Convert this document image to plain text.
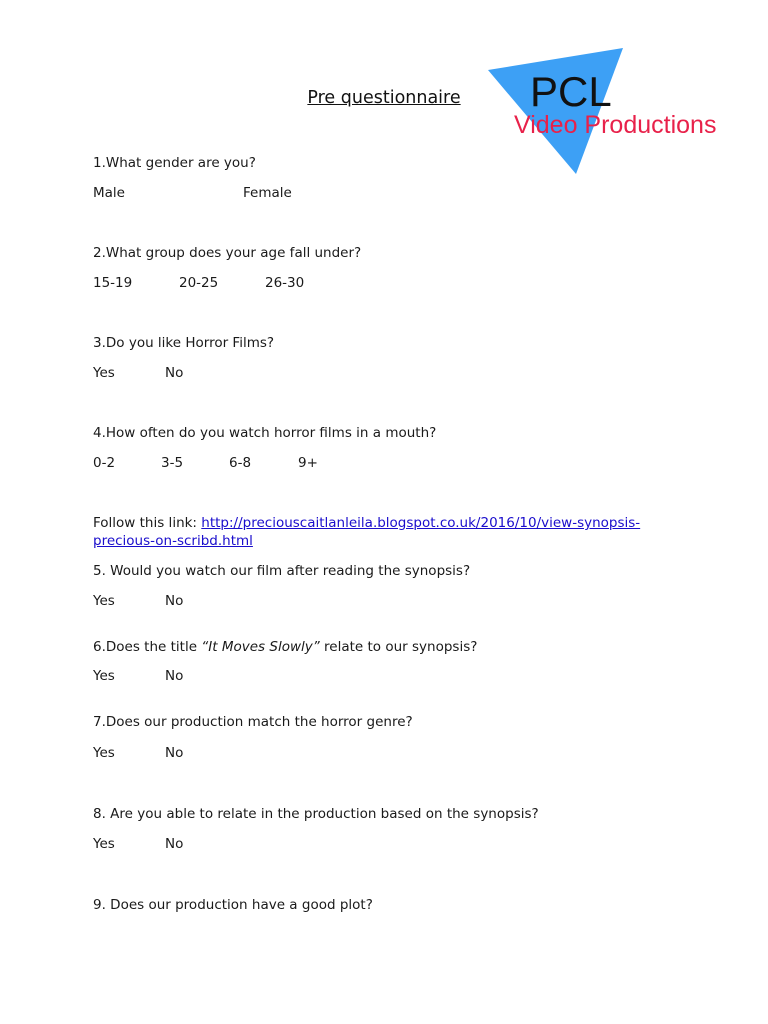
Pre questionnaire	PCL
Video Productions
1.What gender are you?
Male	Female
2.What group does your age fall under?
15-19	20-25	26-30
3.Do you like Horror Films?
Yes	No
4.How often do you watch horror films in a mouth?
0-2	3-5	6-8	9+
Follow this link: http://preciouscaitlanleila.blogspot.co.uk/2016/10/view-synopsis-
precious-on-scribd.html
5. Would you watch our film after reading the synopsis?
Yes	No
6.Does the title “It Moves Slowly” relate to our synopsis?
Yes	No
7.Does our production match the horror genre?
Yes	No
8. Are you able to relate in the production based on the synopsis?
Yes	No
9. Does our production have a good plot?
